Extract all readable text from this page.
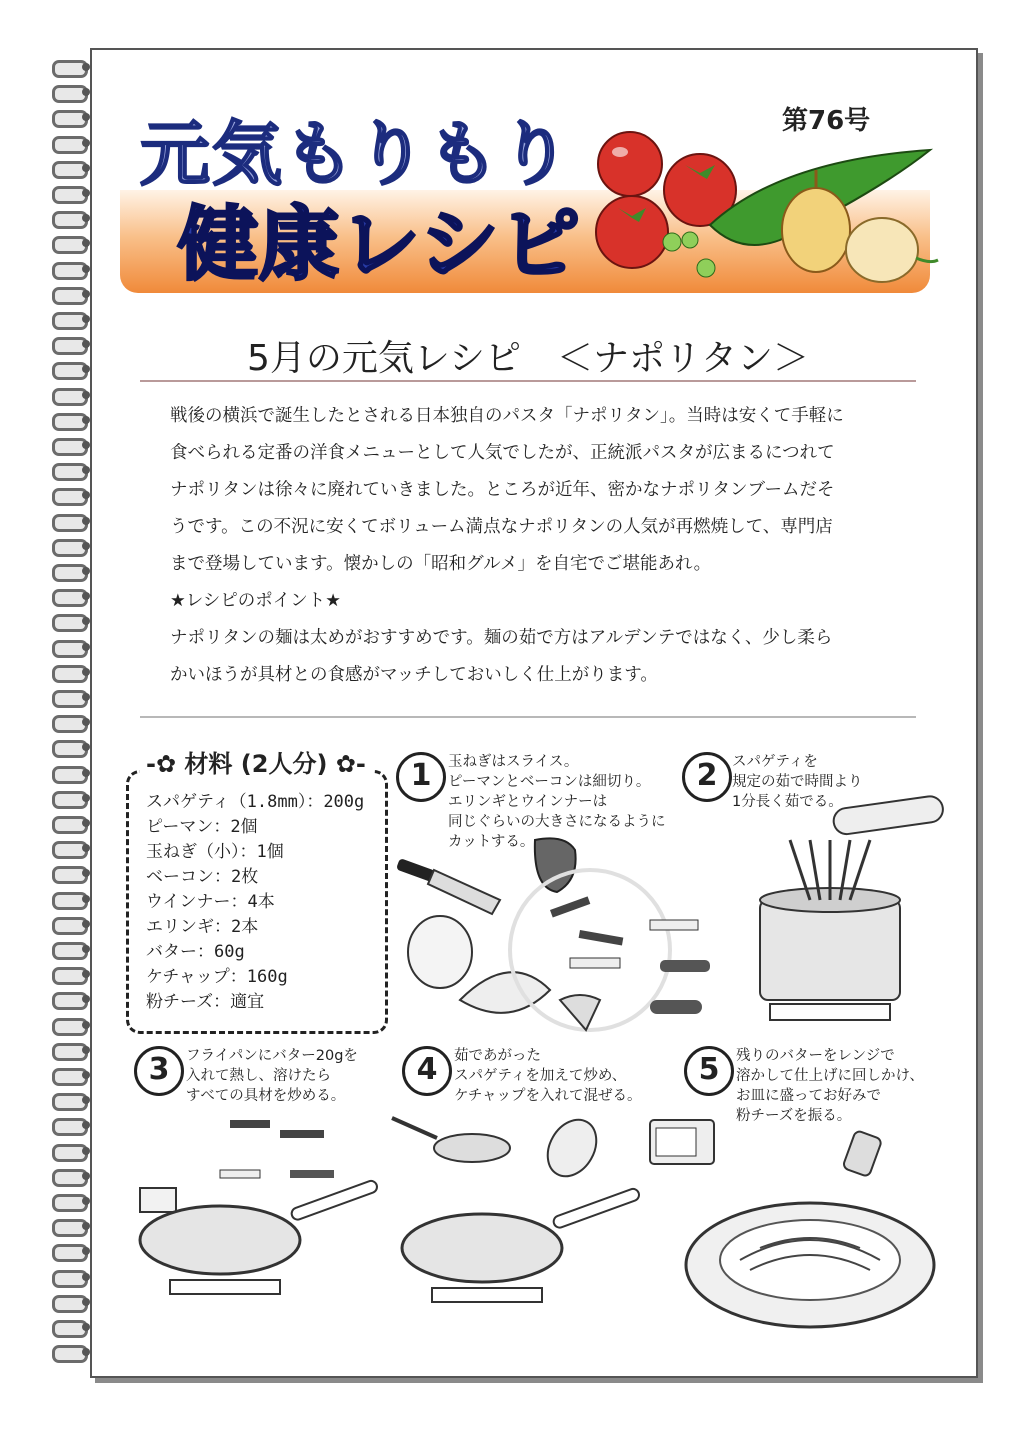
元気もりもり
健康レシピ
第76号
5月の元気レシピ　＜ナポリタン＞

戦後の横浜で誕生したとされる日本独自のパスタ「ナポリタン」。当時は安くて手軽に

食べられる定番の洋食メニューとして人気でしたが、正統派パスタが広まるにつれて

ナポリタンは徐々に廃れていきました。ところが近年、密かなナポリタンブームだそ

うです。この不況に安くてボリューム満点なナポリタンの人気が再燃焼して、専門店

まで登場しています。懐かしの「昭和グルメ」を自宅でご堪能あれ。

★レシピのポイント★

ナポリタンの麺は太めがおすすめです。麺の茹で方はアルデンテではなく、少し柔ら

かいほうが具材との食感がマッチしておいしく仕上がります。

-✿ 材料 (2人分) ✿-
スパゲティ（1.8mm）：200g
ピーマン：2個
玉ねぎ（小）：1個
ベーコン：2枚
ウインナー：4本
エリンギ：2本
バター：60g
ケチャップ：160g
粉チーズ：適宜
1	玉ねぎはスライス。
ピーマンとベーコンは細切り。
エリンギとウインナーは
同じぐらいの大きさになるように
カットする。
2	スパゲティを
規定の茹で時間より
1分長く茹でる。
3	フライパンにバター20gを
入れて熱し、溶けたら
すべての具材を炒める。
4	茹であがった
スパゲティを加えて炒め、
ケチャップを入れて混ぜる。
5	残りのバターをレンジで
溶かして仕上げに回しかけ、
お皿に盛ってお好みで
粉チーズを振る。
